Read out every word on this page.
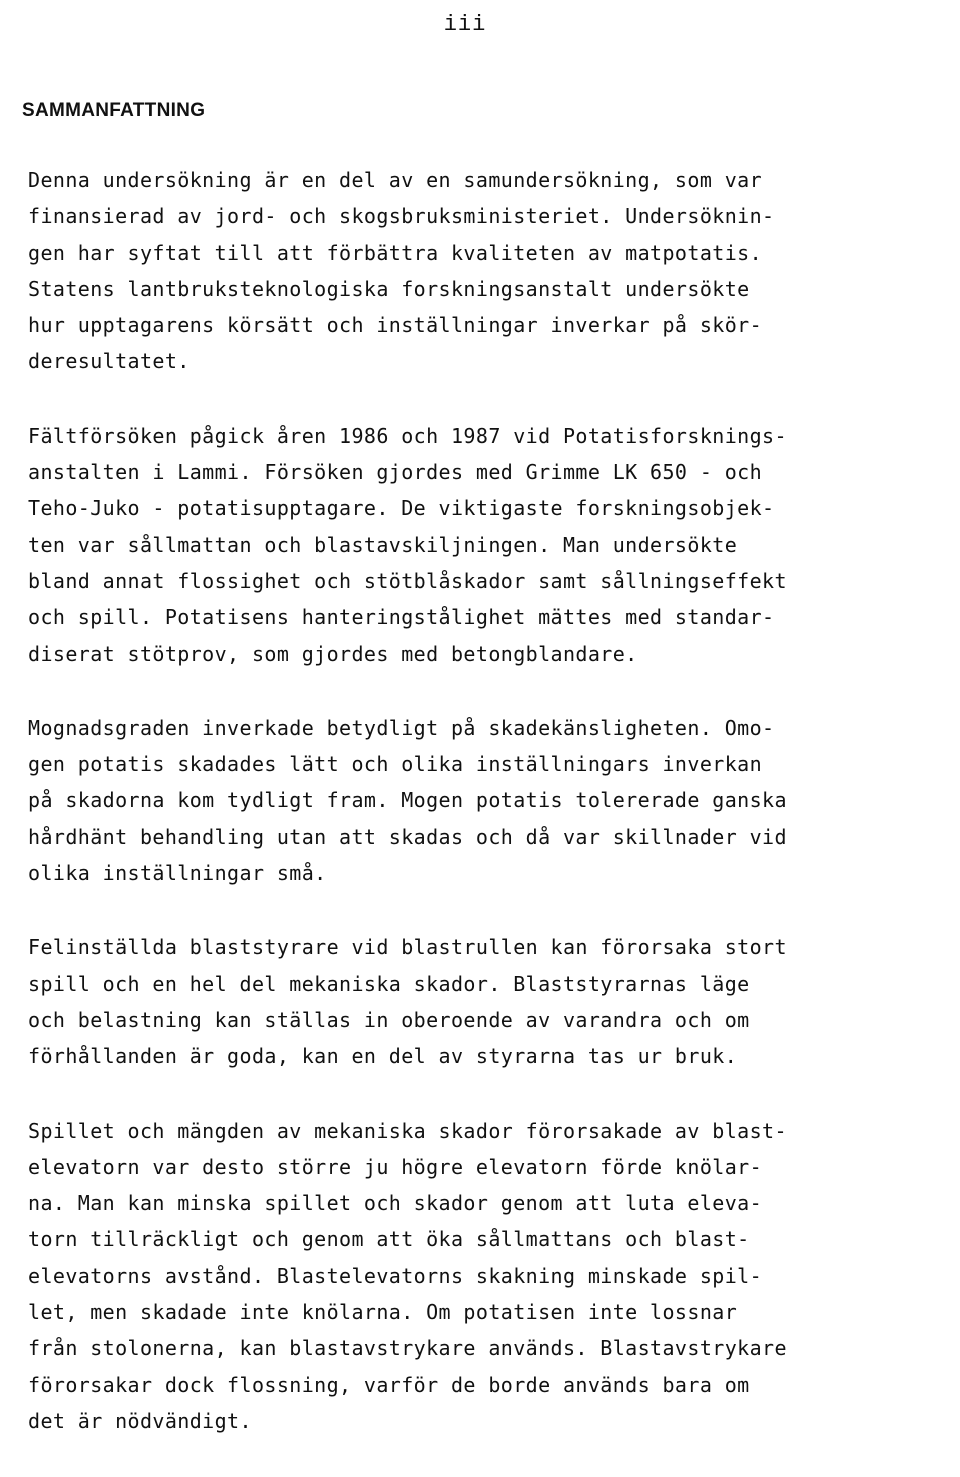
iii
SAMMANFATTNING
Denna undersökning är en del av en samundersökning, som var
finansierad av jord- och skogsbruksministeriet. Undersöknin-
gen har syftat till att förbättra kvaliteten av matpotatis.
Statens lantbruksteknologiska forskningsanstalt undersökte
hur upptagarens körsätt och inställningar inverkar på skör-
deresultatet.
Fältförsöken pågick åren 1986 och 1987 vid Potatisforsknings-
anstalten i Lammi. Försöken gjordes med Grimme LK 650 - och
Teho-Juko - potatisupptagare. De viktigaste forskningsobjek-
ten var sållmattan och blastavskiljningen. Man undersökte
bland annat flossighet och stötblåskador samt sållningseffekt
och spill. Potatisens hanteringstålighet mättes med standar-
diserat stötprov, som gjordes med betongblandare.
Mognadsgraden inverkade betydligt på skadekänsligheten. Omo-
gen potatis skadades lätt och olika inställningars inverkan
på skadorna kom tydligt fram. Mogen potatis tolererade ganska
hårdhänt behandling utan att skadas och då var skillnader vid
olika inställningar små.
Felinställda blaststyrare vid blastrullen kan förorsaka stort
spill och en hel del mekaniska skador. Blaststyrarnas läge
och belastning kan ställas in oberoende av varandra och om
förhållanden är goda, kan en del av styrarna tas ur bruk.
Spillet och mängden av mekaniska skador förorsakade av blast-
elevatorn var desto större ju högre elevatorn förde knölar-
na. Man kan minska spillet och skador genom att luta eleva-
torn tillräckligt och genom att öka sållmattans och blast-
elevatorns avstånd. Blastelevatorns skakning minskade spil-
let, men skadade inte knölarna. Om potatisen inte lossnar
från stolonerna, kan blastavstrykare används. Blastavstrykare
förorsakar dock flossning, varför de borde används bara om
det är nödvändigt.
